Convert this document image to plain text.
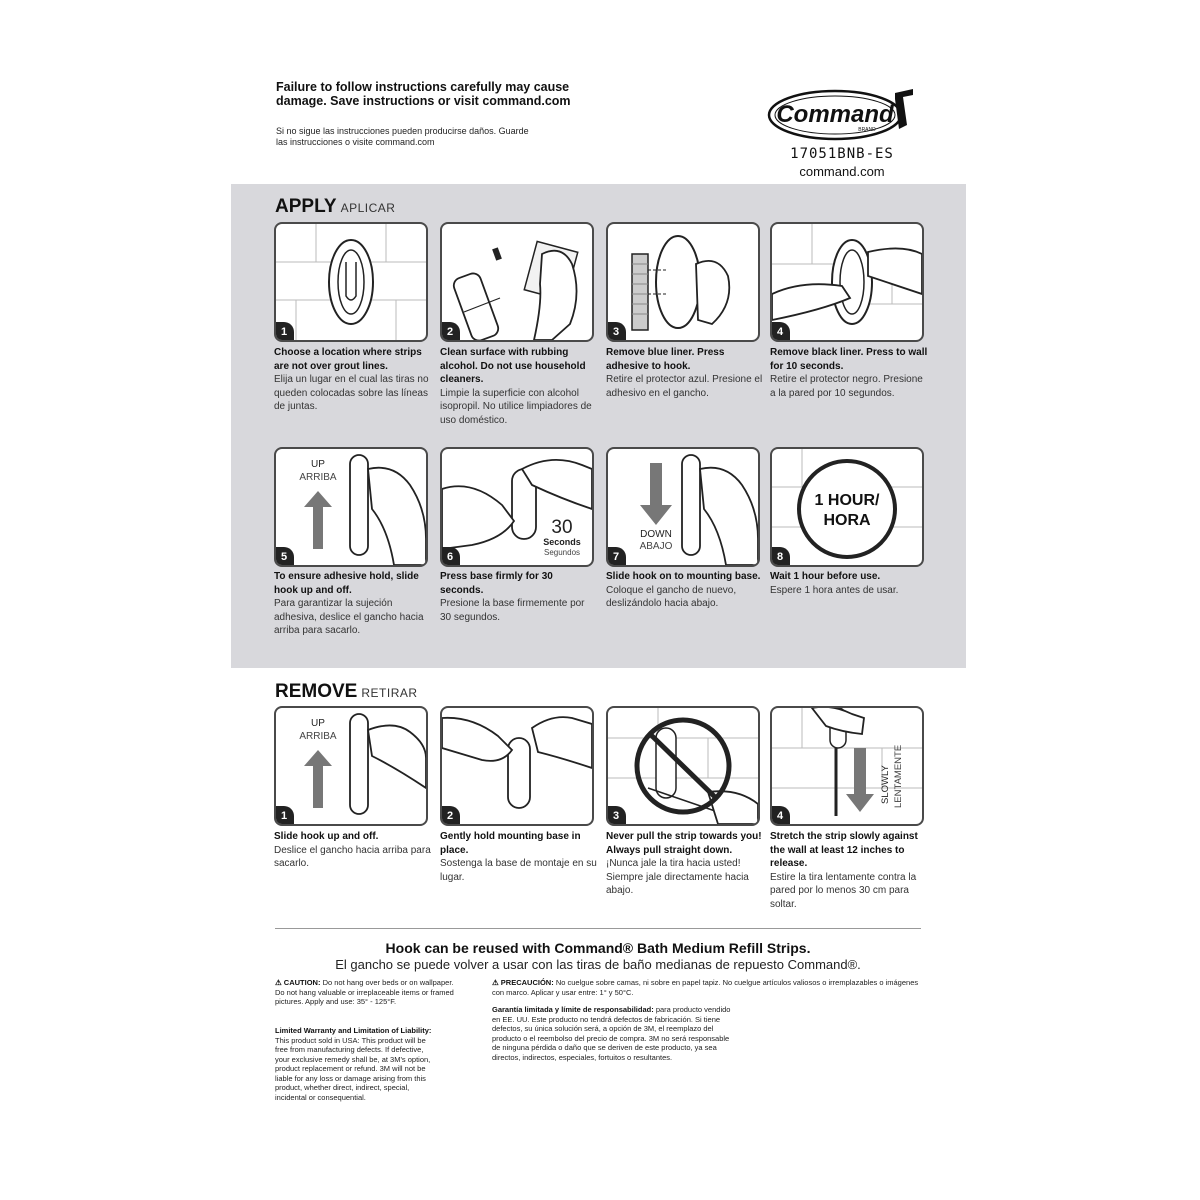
Failure to follow instructions carefully may cause damage. Save instructions or visit command.com
Si no sigue las instrucciones pueden producirse daños. Guarde las instrucciones o visite command.com
Command
BRAND
17051BNB-ES
command.com
APPLY APLICAR
1
Choose a location where strips are not over grout lines.
Elija un lugar en el cual las tiras no queden colocadas sobre las líneas de juntas.
2
Clean surface with rubbing alcohol. Do not use household cleaners.
Limpie la superficie con alcohol isopropil. No utilice limpiadores de uso doméstico.
3
Remove blue liner. Press adhesive to hook.
Retire el protector azul. Presione el adhesivo en el gancho.
4
Remove black liner. Press to wall for 10 seconds.
Retire el protector negro. Presione a la pared por 10 segundos.
UP
ARRIBA
5
To ensure adhesive hold, slide hook up and off.
Para garantizar la sujeción adhesiva, deslice el gancho hacia arriba para sacarlo.
30
Seconds
Segundos
6
Press base firmly for 30 seconds.
Presione la base firmemente por 30 segundos.
DOWN
ABAJO
7
Slide hook on to mounting base.
Coloque el gancho de nuevo, deslizándolo hacia abajo.
1 HOUR/
HORA
8
Wait 1 hour before use.
Espere 1 hora antes de usar.
REMOVE RETIRAR
UP
ARRIBA
1
Slide hook up and off.
Deslice el gancho hacia arriba para sacarlo.
2
Gently hold mounting base in place.
Sostenga la base de montaje en su lugar.
3
Never pull the strip towards you! Always pull straight down.
¡Nunca jale la tira hacia usted! Siempre jale directamente hacia abajo.
SLOWLY LENTAMENTE
4
Stretch the strip slowly against the wall at least 12 inches to release.
Estire la tira lentamente contra la pared por lo menos 30 cm para soltar.
Hook can be reused with Command® Bath Medium Refill Strips.
El gancho se puede volver a usar con las tiras de baño medianas de repuesto Command®.
⚠ CAUTION: Do not hang over beds or on wallpaper. Do not hang valuable or irreplaceable items or framed pictures. Apply and use: 35° - 125°F.
Limited Warranty and Limitation of Liability: This product sold in USA: This product will be free from manufacturing defects. If defective, your exclusive remedy shall be, at 3M's option, product replacement or refund. 3M will not be liable for any loss or damage arising from this product, whether direct, indirect, special, incidental or consequential.
⚠ PRECAUCIÓN: No cuelgue sobre camas, ni sobre en papel tapiz. No cuelgue artículos valiosos o irremplazables o imágenes con marco. Aplicar y usar entre: 1° y 50°C.
Garantía limitada y límite de responsabilidad: para producto vendido en EE. UU. Este producto no tendrá defectos de fabricación. Si tiene defectos, su única solución será, a opción de 3M, el reemplazo del producto o el reembolso del precio de compra. 3M no será responsable de ninguna pérdida o daño que se deriven de este producto, ya sea directos, indirectos, especiales, fortuitos o resultantes.
